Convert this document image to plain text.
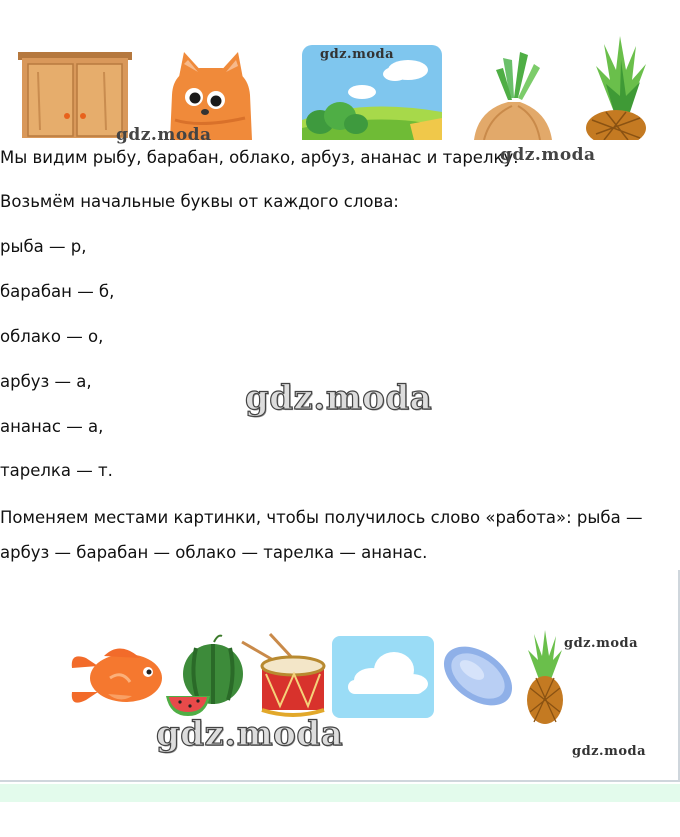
gdz.moda
gdz.moda
Мы видим рыбу, барабан, облако, арбуз, ананас и тарелку.
gdz.moda
Возьмём начальные буквы от каждого слова:
рыба — р,
барабан — б,
облако — о,
арбуз — а,	gdz.moda
ананас — а,
тарелка — т.
Поменяем местами картинки, чтобы получилось слово «работа»: рыба —
арбуз — барабан — облако — тарелка — ананас.
gdz.moda
gdz.moda	gdz.moda
